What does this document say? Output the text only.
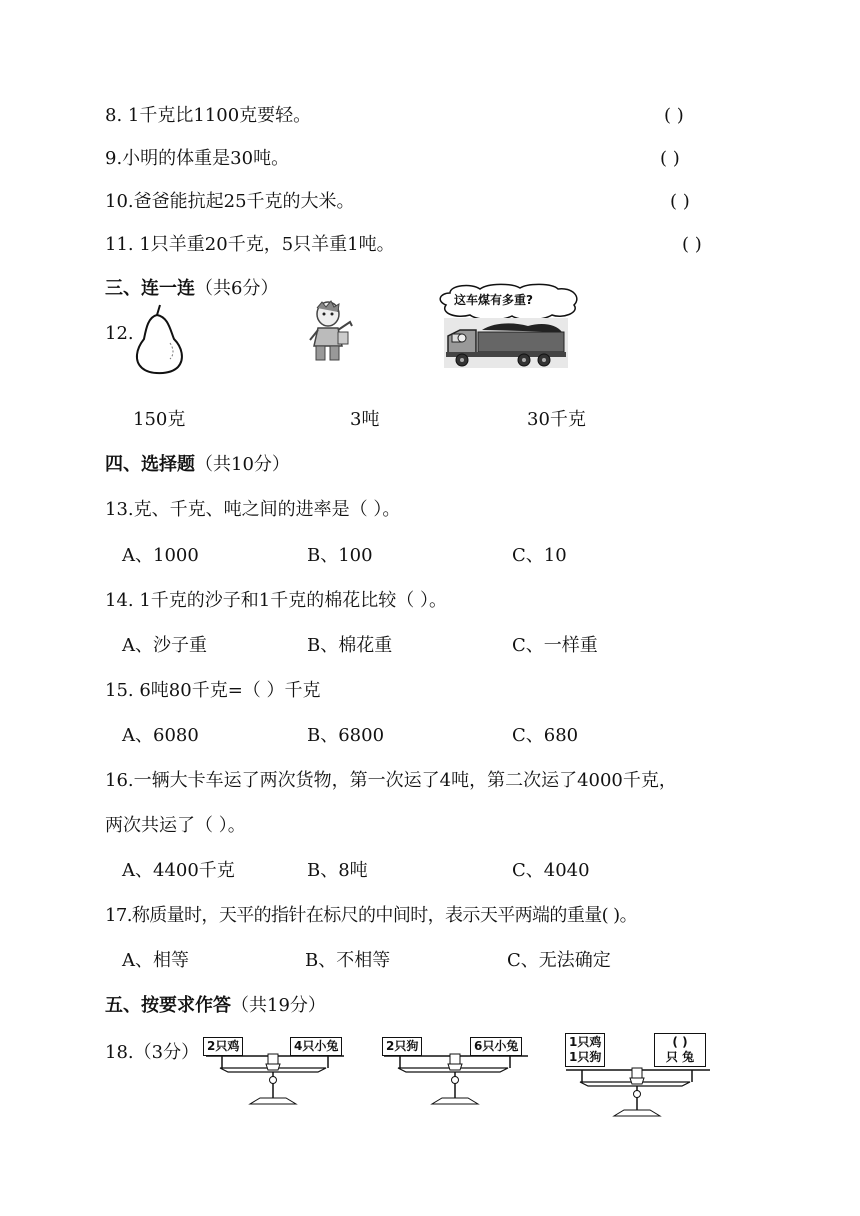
8. 1千克比1100克要轻。	( )
9.小明的体重是30吨。	( )
10.爸爸能抗起25千克的大米。	( )
11. 1只羊重20千克，5只羊重1吨。	( )
三、连一连（共6分）
12.
这车煤有多重?
150克	3吨	30千克
四、选择题（共10分）
13.克、千克、吨之间的进率是（ ）。
A、1000	B、100	C、10
14. 1千克的沙子和1千克的棉花比较（ ）。
A、沙子重	B、棉花重	C、一样重
15. 6吨80千克=（ ）千克
A、6080	B、6800	C、680
16.一辆大卡车运了两次货物，第一次运了4吨，第二次运了4000千克，
两次共运了（ ）。
A、4400千克	B、8吨	C、4040
17.称质量时，天平的指针在标尺的中间时，表示天平两端的重量( )。
A、相等	B、不相等	C、无法确定
五、按要求作答（共19分）
18.（3分） 2只鸡	4只小兔	2只狗	6只小兔	1只鸡
1只狗
( )
只 兔
